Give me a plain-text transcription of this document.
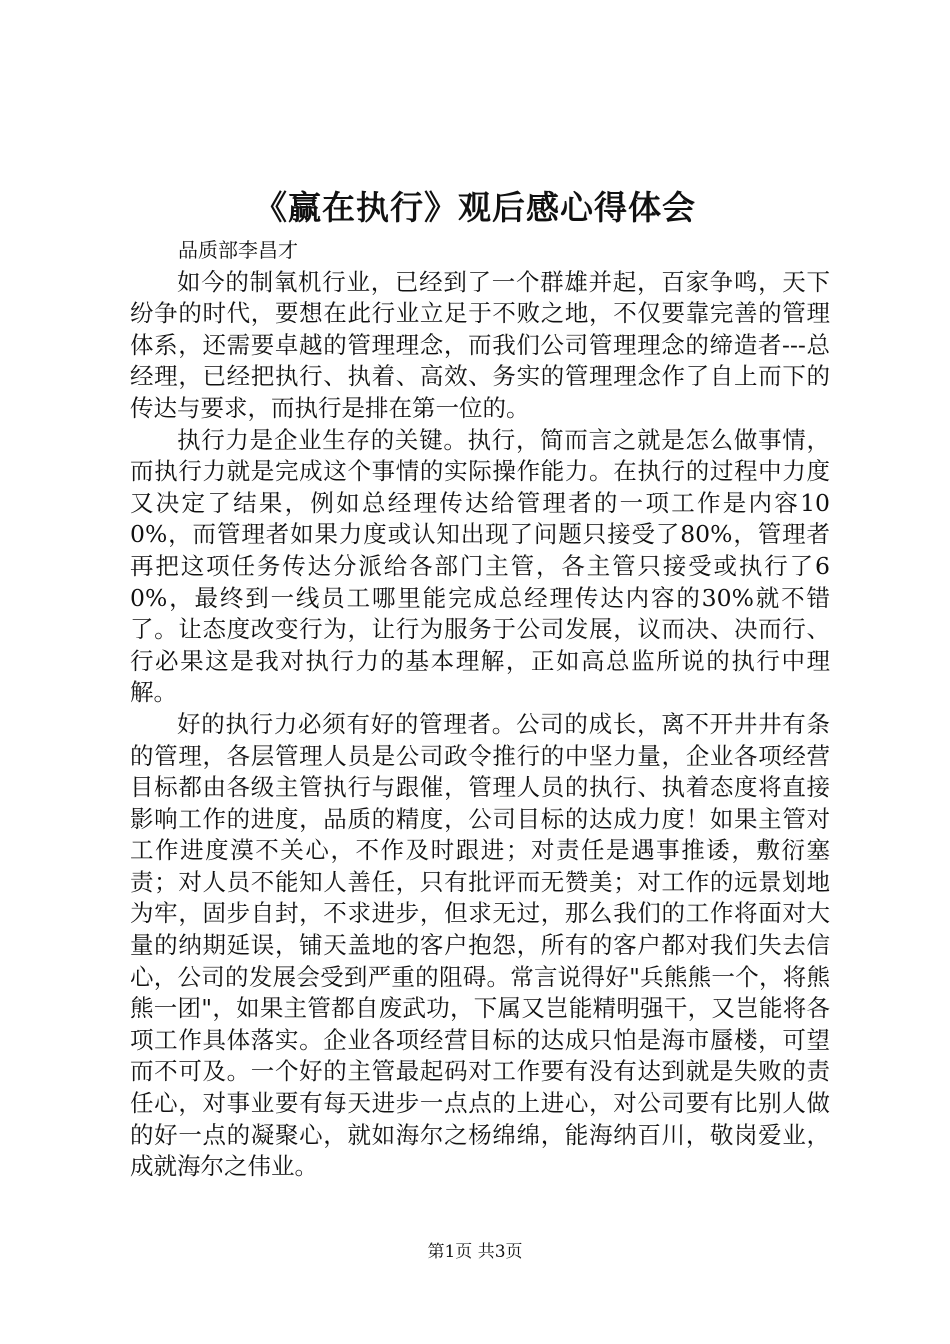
《赢在执行》观后感心得体会

品质部李昌才

如今的制氧机行业，已经到了一个群雄并起，百家争鸣，天下纷争的时代，要想在此行业立足于不败之地，不仅要靠完善的管理体系，还需要卓越的管理理念，而我们公司管理理念的缔造者---总经理，已经把执行、执着、高效、务实的管理理念作了自上而下的传达与要求，而执行是排在第一位的。

执行力是企业生存的关键。执行，简而言之就是怎么做事情，而执行力就是完成这个事情的实际操作能力。在执行的过程中力度又决定了结果，例如总经理传达给管理者的一项工作是内容100%，而管理者如果力度或认知出现了问题只接受了80%，管理者再把这项任务传达分派给各部门主管，各主管只接受或执行了60%，最终到一线员工哪里能完成总经理传达内容的30%就不错了。让态度改变行为，让行为服务于公司发展，议而决、决而行、行必果这是我对执行力的基本理解，正如高总监所说的执行中理解。

好的执行力必须有好的管理者。公司的成长，离不开井井有条的管理，各层管理人员是公司政令推行的中坚力量，企业各项经营目标都由各级主管执行与跟催，管理人员的执行、执着态度将直接影响工作的进度，品质的精度，公司目标的达成力度！如果主管对工作进度漠不关心，不作及时跟进；对责任是遇事推诿，敷衍塞责；对人员不能知人善任，只有批评而无赞美；对工作的远景划地为牢，固步自封，不求进步，但求无过，那么我们的工作将面对大量的纳期延误，铺天盖地的客户抱怨，所有的客户都对我们失去信心，公司的发展会受到严重的阻碍。常言说得好"兵熊熊一个，将熊熊一团"，如果主管都自废武功，下属又岂能精明强干，又岂能将各项工作具体落实。企业各项经营目标的达成只怕是海市蜃楼，可望而不可及。一个好的主管最起码对工作要有没有达到就是失败的责任心，对事业要有每天进步一点点的上进心，对公司要有比别人做的好一点的凝聚心，就如海尔之杨绵绵，能海纳百川，敬岗爱业，成就海尔之伟业。

第1页 共3页
